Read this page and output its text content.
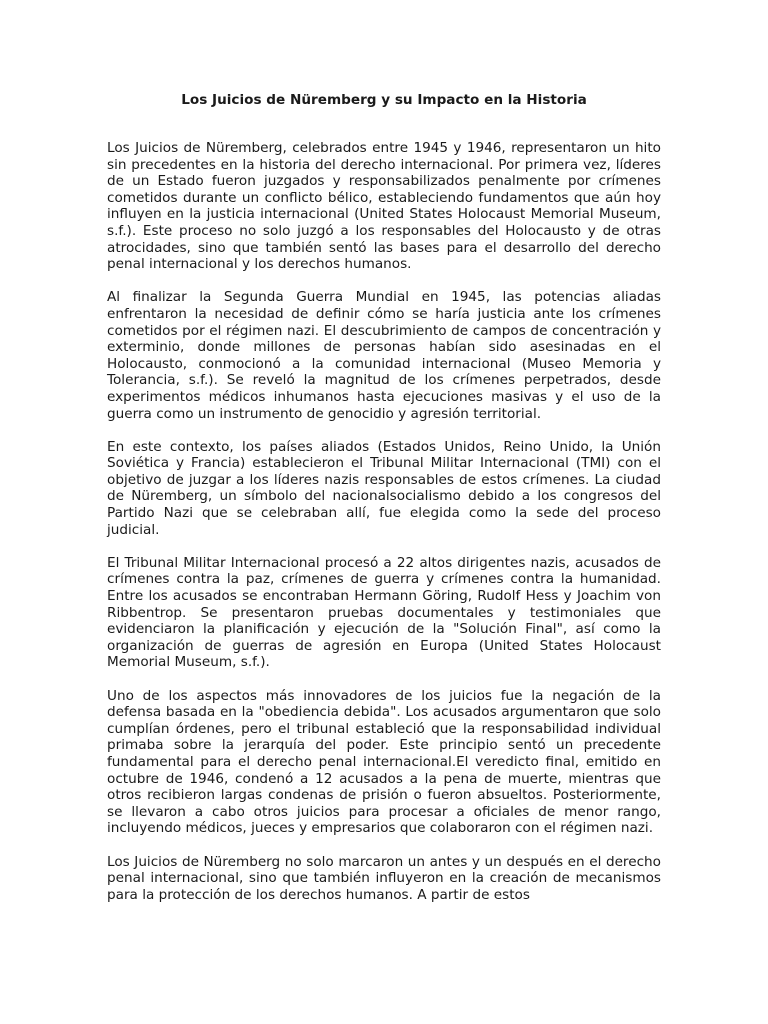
Los Juicios de Nüremberg y su Impacto en la Historia

Los Juicios de Nüremberg, celebrados entre 1945 y 1946, representaron un hito sin precedentes en la historia del derecho internacional. Por primera vez, líderes de un Estado fueron juzgados y responsabilizados penalmente por crímenes cometidos durante un conflicto bélico, estableciendo fundamentos que aún hoy influyen en la justicia internacional (United States Holocaust Memorial Museum, s.f.). Este proceso no solo juzgó a los responsables del Holocausto y de otras atrocidades, sino que también sentó las bases para el desarrollo del derecho penal internacional y los derechos humanos.

Al finalizar la Segunda Guerra Mundial en 1945, las potencias aliadas enfrentaron la necesidad de definir cómo se haría justicia ante los crímenes cometidos por el régimen nazi. El descubrimiento de campos de concentración y exterminio, donde millones de personas habían sido asesinadas en el Holocausto, conmocionó a la comunidad internacional (Museo Memoria y Tolerancia, s.f.). Se reveló la magnitud de los crímenes perpetrados, desde experimentos médicos inhumanos hasta ejecuciones masivas y el uso de la guerra como un instrumento de genocidio y agresión territorial.

En este contexto, los países aliados (Estados Unidos, Reino Unido, la Unión Soviética y Francia) establecieron el Tribunal Militar Internacional (TMI) con el objetivo de juzgar a los líderes nazis responsables de estos crímenes. La ciudad de Nüremberg, un símbolo del nacionalsocialismo debido a los congresos del Partido Nazi que se celebraban allí, fue elegida como la sede del proceso judicial.

El Tribunal Militar Internacional procesó a 22 altos dirigentes nazis, acusados de crímenes contra la paz, crímenes de guerra y crímenes contra la humanidad. Entre los acusados se encontraban Hermann Göring, Rudolf Hess y Joachim von Ribbentrop. Se presentaron pruebas documentales y testimoniales que evidenciaron la planificación y ejecución de la "Solución Final", así como la organización de guerras de agresión en Europa (United States Holocaust Memorial Museum, s.f.).

Uno de los aspectos más innovadores de los juicios fue la negación de la defensa basada en la "obediencia debida". Los acusados argumentaron que solo cumplían órdenes, pero el tribunal estableció que la responsabilidad individual primaba sobre la jerarquía del poder. Este principio sentó un precedente fundamental para el derecho penal internacional.El veredicto final, emitido en octubre de 1946, condenó a 12 acusados a la pena de muerte, mientras que otros recibieron largas condenas de prisión o fueron absueltos. Posteriormente, se llevaron a cabo otros juicios para procesar a oficiales de menor rango, incluyendo médicos, jueces y empresarios que colaboraron con el régimen nazi.

Los Juicios de Nüremberg no solo marcaron un antes y un después en el derecho penal internacional, sino que también influyeron en la creación de mecanismos para la protección de los derechos humanos. A partir de estos
